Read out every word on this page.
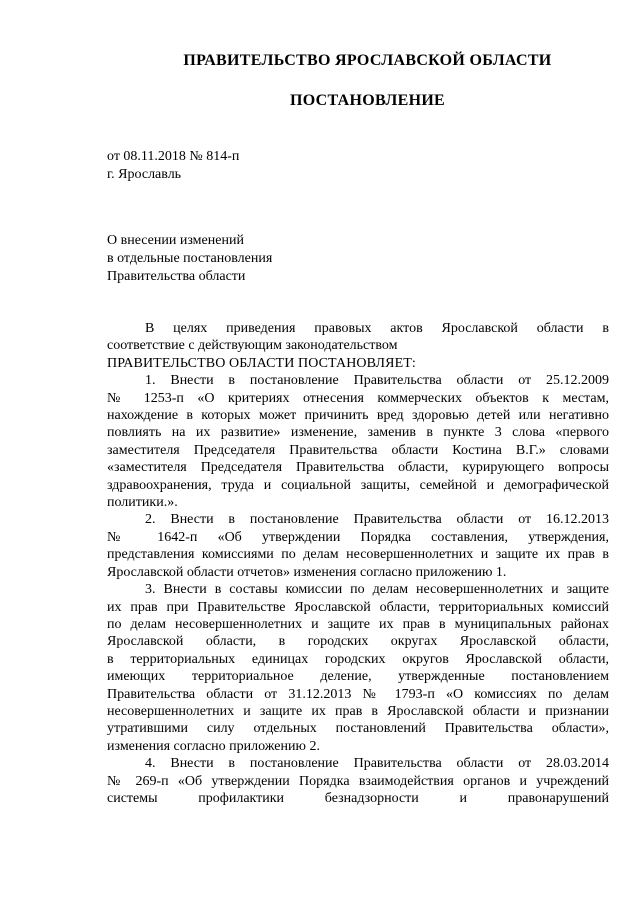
ПРАВИТЕЛЬСТВО ЯРОСЛАВСКОЙ ОБЛАСТИ
ПОСТАНОВЛЕНИЕ
от 08.11.2018 № 814-п
г. Ярославль
О внесении изменений
в отдельные постановления
Правительства области
В целях приведения правовых актов Ярославской области в
соответствие с действующим законодательством
ПРАВИТЕЛЬСТВО ОБЛАСТИ ПОСТАНОВЛЯЕТ:
1. Внести в постановление Правительства области от 25.12.2009
№ 1253-п «О критериях отнесения коммерческих объектов к местам,
нахождение в которых может причинить вред здоровью детей или негативно
повлиять на их развитие» изменение, заменив в пункте 3 слова «первого
заместителя Председателя Правительства области Костина В.Г.» словами
«заместителя Председателя Правительства области, курирующего вопросы
здравоохранения, труда и социальной защиты, семейной и демографической
политики.».
2. Внести в постановление Правительства области от 16.12.2013
№ 1642-п «Об утверждении Порядка составления, утверждения,
представления комиссиями по делам несовершеннолетних и защите их прав в
Ярославской области отчетов» изменения согласно приложению 1.
3. Внести в составы комиссии по делам несовершеннолетних и защите
их прав при Правительстве Ярославской области, территориальных комиссий
по делам несовершеннолетних и защите их прав в муниципальных районах
Ярославской области, в городских округах Ярославской области,
в территориальных единицах городских округов Ярославской области,
имеющих территориальное деление, утвержденные постановлением
Правительства области от 31.12.2013 № 1793-п «О комиссиях по делам
несовершеннолетних и защите их прав в Ярославской области и признании
утратившими силу отдельных постановлений Правительства области»,
изменения согласно приложению 2.
4. Внести в постановление Правительства области от 28.03.2014
№ 269-п «Об утверждении Порядка взаимодействия органов и учреждений
системы профилактики безнадзорности и правонарушений
